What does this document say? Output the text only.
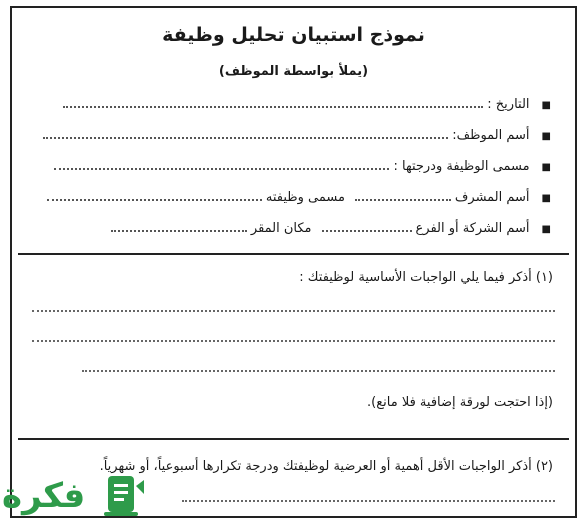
نموذج استبيان تحليل وظيفة
(يملأ بواسطة الموظف)
■
التاريخ :
■
أسم الموظف:
■
مسمى الوظيفة ودرجتها :
■
أسم المشرف
مسمى وظيفته
■
أسم الشركة أو الفرع
مكان المقر
(١) أذكر فيما يلي الواجبات الأساسية لوظيفتك :
(إذا احتجت لورقة إضافية فلا مانع).
(٢) أذكر الواجبات الأقل أهمية أو العرضية لوظيفتك ودرجة تكرارها أسبوعياً، أو شهرياً.
فكرة
